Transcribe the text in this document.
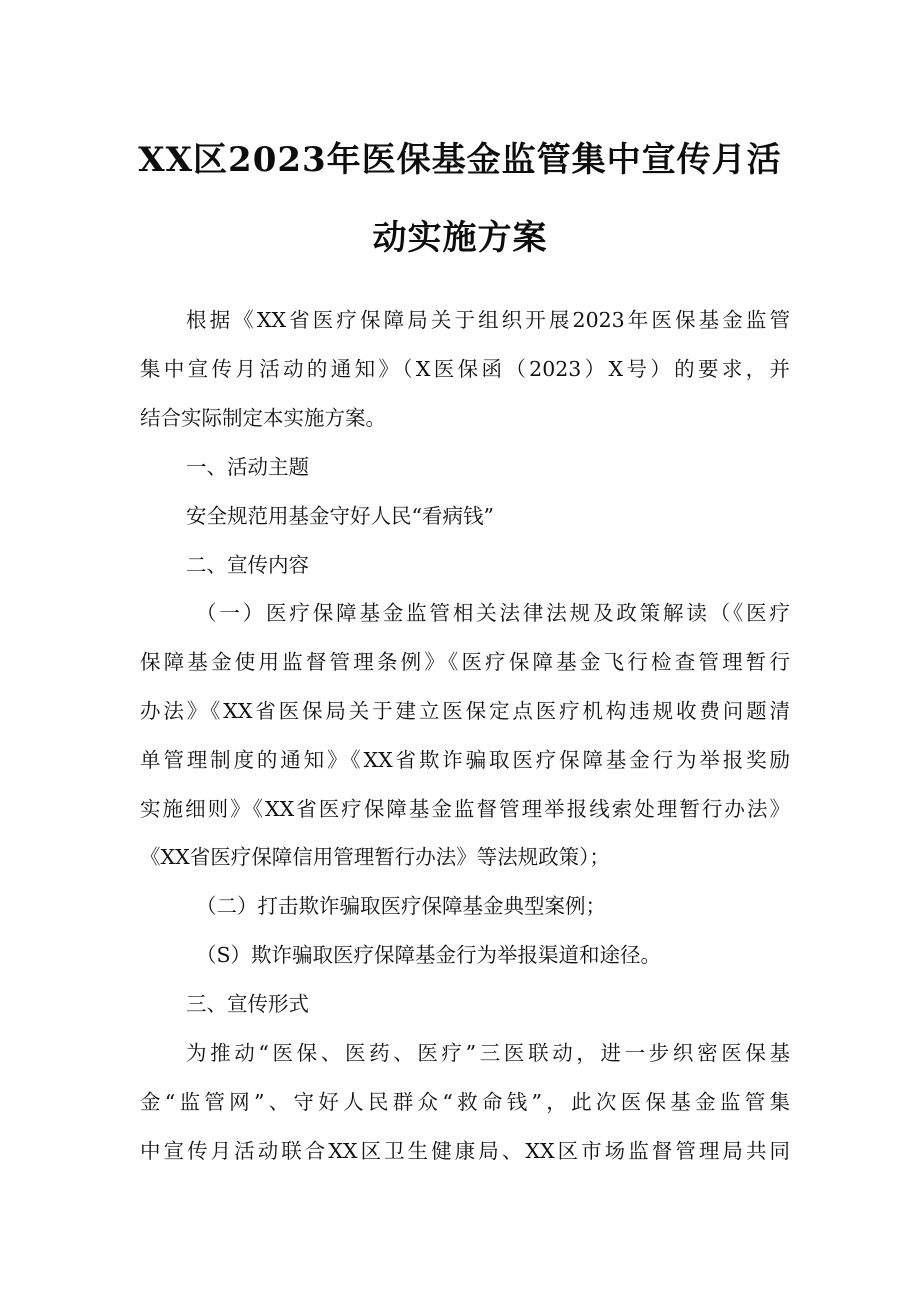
XX区2023年医保基金监管集中宣传月活
动实施方案
根据《XX省医疗保障局关于组织开展2023年医保基金监管
集中宣传月活动的通知》（X医保函（2023）X号）的要求，并
结合实际制定本实施方案。
一、活动主题
安全规范用基金守好人民“看病钱”
二、宣传内容
（一）医疗保障基金监管相关法律法规及政策解读（《医疗
保障基金使用监督管理条例》《医疗保障基金飞行检查管理暂行
办法》《XX省医保局关于建立医保定点医疗机构违规收费问题清
单管理制度的通知》《XX省欺诈骗取医疗保障基金行为举报奖励
实施细则》《XX省医疗保障基金监督管理举报线索处理暂行办法》
《XX省医疗保障信用管理暂行办法》等法规政策）；
（二）打击欺诈骗取医疗保障基金典型案例；
（S）欺诈骗取医疗保障基金行为举报渠道和途径。
三、宣传形式
为推动“医保、医药、医疗”三医联动，进一步织密医保基
金“监管网”、守好人民群众“救命钱”，此次医保基金监管集
中宣传月活动联合XX区卫生健康局、XX区市场监督管理局共同
